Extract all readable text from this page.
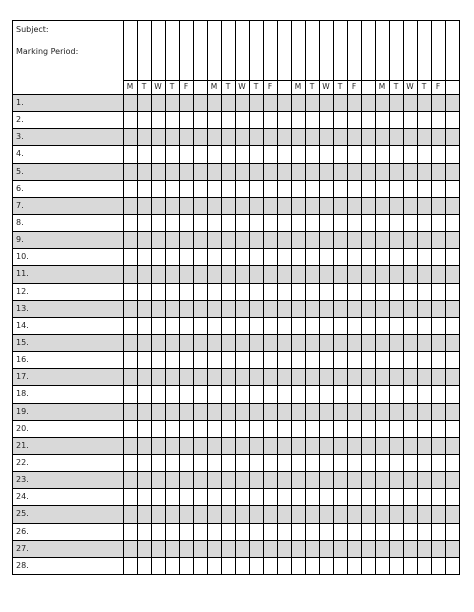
Subject:
Marking Period:
M	T	W	T	F	M	T	W	T	F	M	T	W	T	F	M	T	W	T	F
1.
2.
3.
4.
5.
6.
7.
8.
9.
10.
11.
12.
13.
14.
15.
16.
17.
18.
19.
20.
21.
22.
23.
24.
25.
26.
27.
28.
